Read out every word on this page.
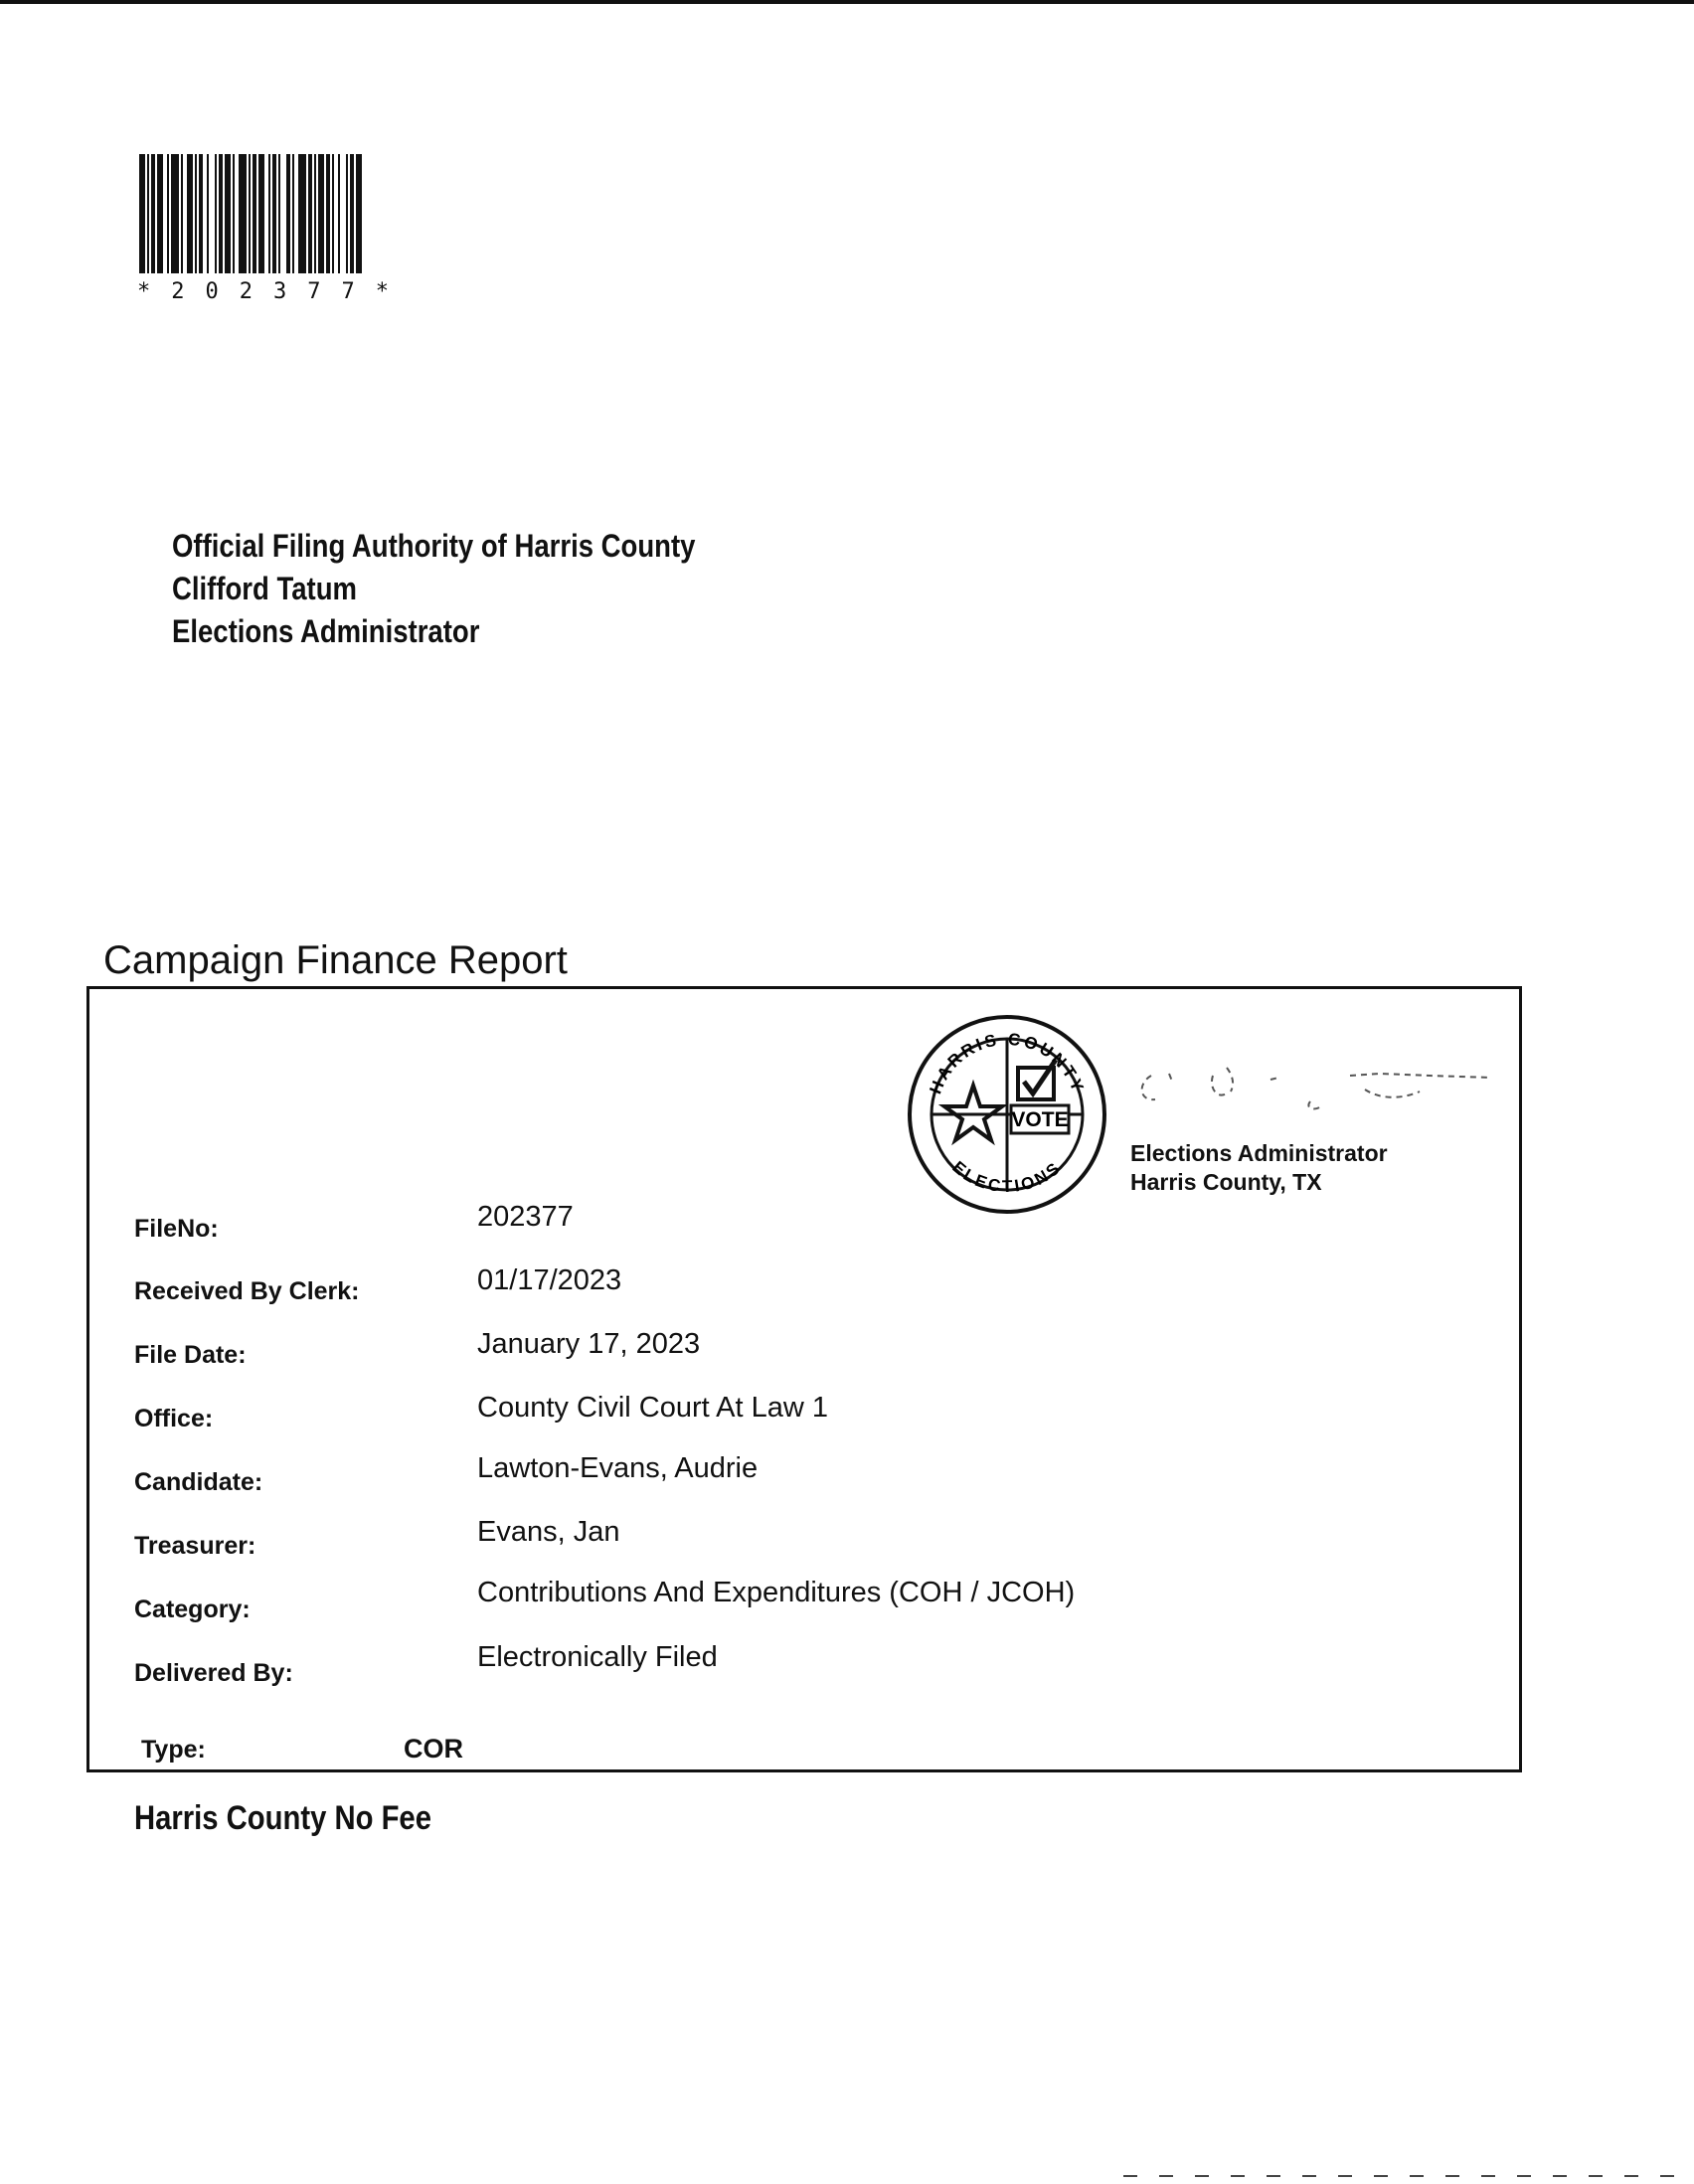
*202377*
Official Filing Authority of Harris County
Clifford Tatum
Elections Administrator
Campaign Finance Report
VOTE
HARRIS COUNTY
ELECTIONS
Elections Administrator
Harris County, TX
FileNo:	202377
Received By Clerk:	01/17/2023
File Date:	January 17, 2023
Office:	County Civil Court At Law 1
Candidate:	Lawton-Evans, Audrie
Treasurer:	Evans, Jan
Category:
Contributions And Expenditures (COH / JCOH)
Delivered By:	Electronically Filed
Type:	COR
Harris County No Fee
